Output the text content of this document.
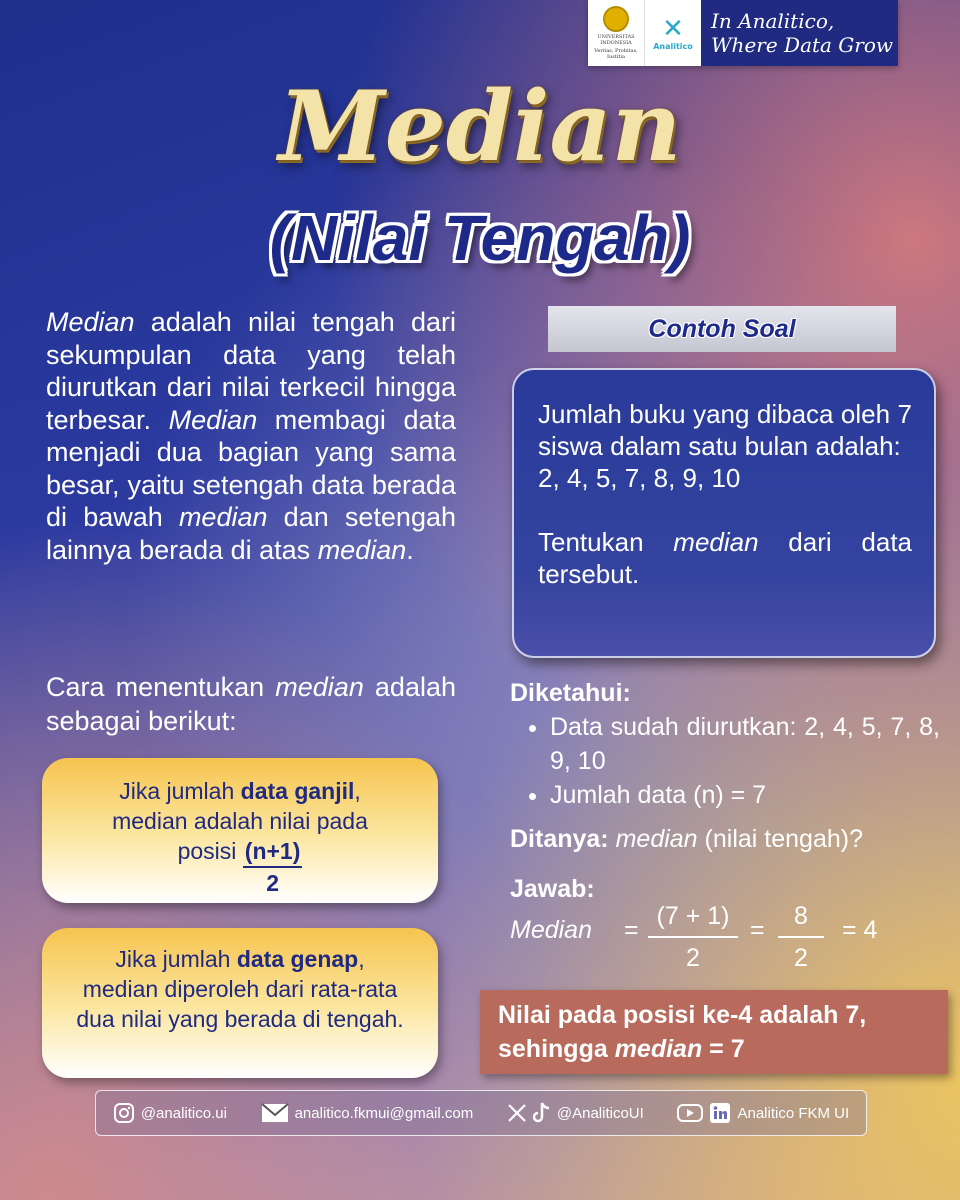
UNIVERSITAS INDONESIA
Veritas, Probitas, Iustitia
✕
Analitico
In Analitico,
Where Data Grow
Median
(Nilai Tengah)
Median adalah nilai tengah dari sekumpulan data yang telah diurutkan dari nilai terkecil hingga terbesar. Median membagi data menjadi dua bagian yang sama besar, yaitu setengah data berada di bawah median dan setengah lainnya berada di atas median.
Cara menentukan median adalah sebagai berikut:
Jika jumlah data ganjil,
median adalah nilai pada
posisi $\frac{(n+1)}{2}$
Jika jumlah data genap,
median diperoleh dari rata-rata dua nilai yang berada di tengah.
Contoh Soal

Jumlah buku yang dibaca oleh 7 siswa dalam satu bulan adalah:

2, 4, 5, 7, 8, 9, 10

Tentukan median dari data tersebut.

Diketahui:
• Data sudah diurutkan: 2, 4, 5, 7, 8, 9, 10
• Jumlah data (n) = 7
Ditanya: median (nilai tengah)?
Jawab:
Median = $\frac{(7 + 1)}{2} = \frac{8}{2} = 4$
Nilai pada posisi ke-4 adalah 7,
sehingga median = 7
@analitico.ui	analitico.fkmui@gmail.com	@AnaliticoUI	Analitico FKM UI
